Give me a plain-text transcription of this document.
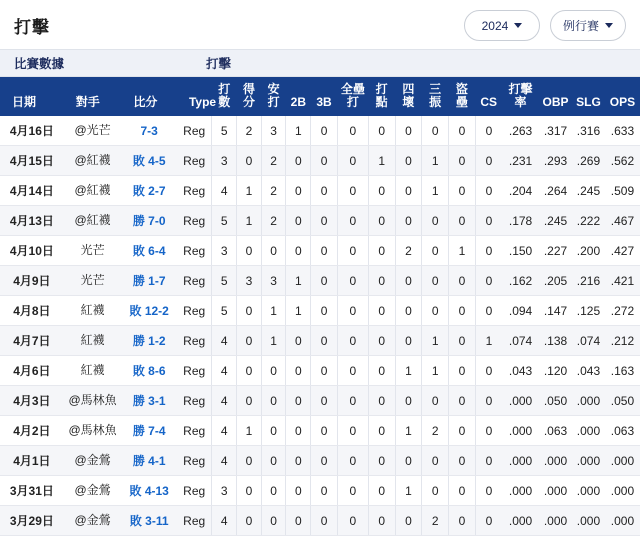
打擊	2024	例行賽
比賽數據	打擊
日期	對手	比分	Type	打數	得分	安打	2B	3B	全壘打	打點	四壞	三振	盜壘	CS	打擊率	OBP	SLG	OPS
4月16日	@光芒	7-3	Reg	5	2	3	1	0	0	0	0	0	0	0	.263	.317	.316	.633
4月15日	@紅襪	敗 4-5	Reg	3	0	2	0	0	0	1	0	1	0	0	.231	.293	.269	.562
4月14日	@紅襪	敗 2-7	Reg	4	1	2	0	0	0	0	0	1	0	0	.204	.264	.245	.509
4月13日	@紅襪	勝 7-0	Reg	5	1	2	0	0	0	0	0	0	0	0	.178	.245	.222	.467
4月10日	光芒	敗 6-4	Reg	3	0	0	0	0	0	0	2	0	1	0	.150	.227	.200	.427
4月9日	光芒	勝 1-7	Reg	5	3	3	1	0	0	0	0	0	0	0	.162	.205	.216	.421
4月8日	紅襪	敗 12-2	Reg	5	0	1	1	0	0	0	0	0	0	0	.094	.147	.125	.272
4月7日	紅襪	勝 1-2	Reg	4	0	1	0	0	0	0	0	1	0	1	.074	.138	.074	.212
4月6日	紅襪	敗 8-6	Reg	4	0	0	0	0	0	0	1	1	0	0	.043	.120	.043	.163
4月3日	@馬林魚	勝 3-1	Reg	4	0	0	0	0	0	0	0	0	0	0	.000	.050	.000	.050
4月2日	@馬林魚	勝 7-4	Reg	4	1	0	0	0	0	0	1	2	0	0	.000	.063	.000	.063
4月1日	@金鶯	勝 4-1	Reg	4	0	0	0	0	0	0	0	0	0	0	.000	.000	.000	.000
3月31日	@金鶯	敗 4-13	Reg	3	0	0	0	0	0	0	1	0	0	0	.000	.000	.000	.000
3月29日	@金鶯	敗 3-11	Reg	4	0	0	0	0	0	0	0	2	0	0	.000	.000	.000	.000
